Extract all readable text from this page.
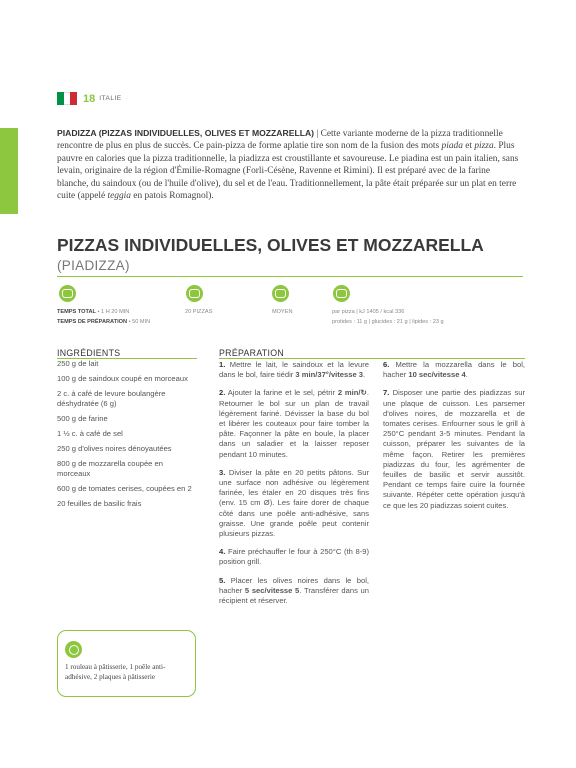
18 ITALIE
PIADIZZA (PIZZAS INDIVIDUELLES, OLIVES ET MOZZARELLA) | Cette variante moderne de la pizza traditionnelle rencontre de plus en plus de succès. Ce pain-pizza de forme aplatie tire son nom de la fusion des mots piada et pizza. Plus pauvre en calories que la pizza traditionnelle, la piadizza est croustillante et savoureuse. Le piadina est un pain italien, sans levain, originaire de la région d'Émilie-Romagne (Forli-Césène, Ravenne et Rimini). Il est préparé avec de la farine blanche, du saindoux (ou de l'huile d'olive), du sel et de l'eau. Traditionnellement, la pâte était préparée sur un plat en terre cuite (appelé teggia en patois Romagnol).
PIZZAS INDIVIDUELLES, OLIVES ET MOZZARELLA (PIADIZZA)
TEMPS TOTAL • 1 H 20 MIN
TEMPS DE PRÉPARATION • 50 MIN
20 PIZZAS	MOYEN	par pizza | kJ 1405 / kcal 336
protides : 11 g | glucides : 21 g | lipides : 23 g
INGRÉDIENTS
250 g de lait
100 g de saindoux coupé en morceaux
2 c. à café de levure boulangère déshydratée (6 g)
500 g de farine
1 ½ c. à café de sel
250 g d'olives noires dénoyautées
800 g de mozzarella coupée en morceaux
600 g de tomates cerises, coupées en 2
20 feuilles de basilic frais

1 rouleau à pâtisserie, 1 poêle anti-adhésive, 2 plaques à pâtisserie

PRÉPARATION

1. Mettre le lait, le saindoux et la levure dans le bol, faire tiédir 3 min/37°/vitesse 3.

2. Ajouter la farine et le sel, pétrir 2 min/↻. Retourner le bol sur un plan de travail légèrement fariné. Dévisser la base du bol et libérer les couteaux pour faire tomber la pâte. Façonner la pâte en boule, la placer dans un saladier et la laisser reposer pendant 10 minutes.

3. Diviser la pâte en 20 petits pâtons. Sur une surface non adhésive ou légèrement farinée, les étaler en 20 disques très fins (env. 15 cm Ø). Les faire dorer de chaque côté dans une poêle anti-adhésive, sans graisse. Une grande poêle peut contenir plusieurs pizzas.

4. Faire préchauffer le four à 250°C (th 8-9) position grill.

5. Placer les olives noires dans le bol, hacher 5 sec/vitesse 5. Transférer dans un récipient et réserver.

6. Mettre la mozzarella dans le bol, hacher 10 sec/vitesse 4.

7. Disposer une partie des piadizzas sur une plaque de cuisson. Les parsemer d'olives noires, de mozzarella et de tomates cerises. Enfourner sous le grill à 250°C pendant 3-5 minutes. Pendant la cuisson, préparer les suivantes de la même façon. Retirer les premières piadizzas du four, les agrémenter de feuilles de basilic et servir aussitôt. Pendant ce temps faire cuire la fournée suivante. Répéter cette opération jusqu'à ce que les 20 piadizzas soient cuites.
